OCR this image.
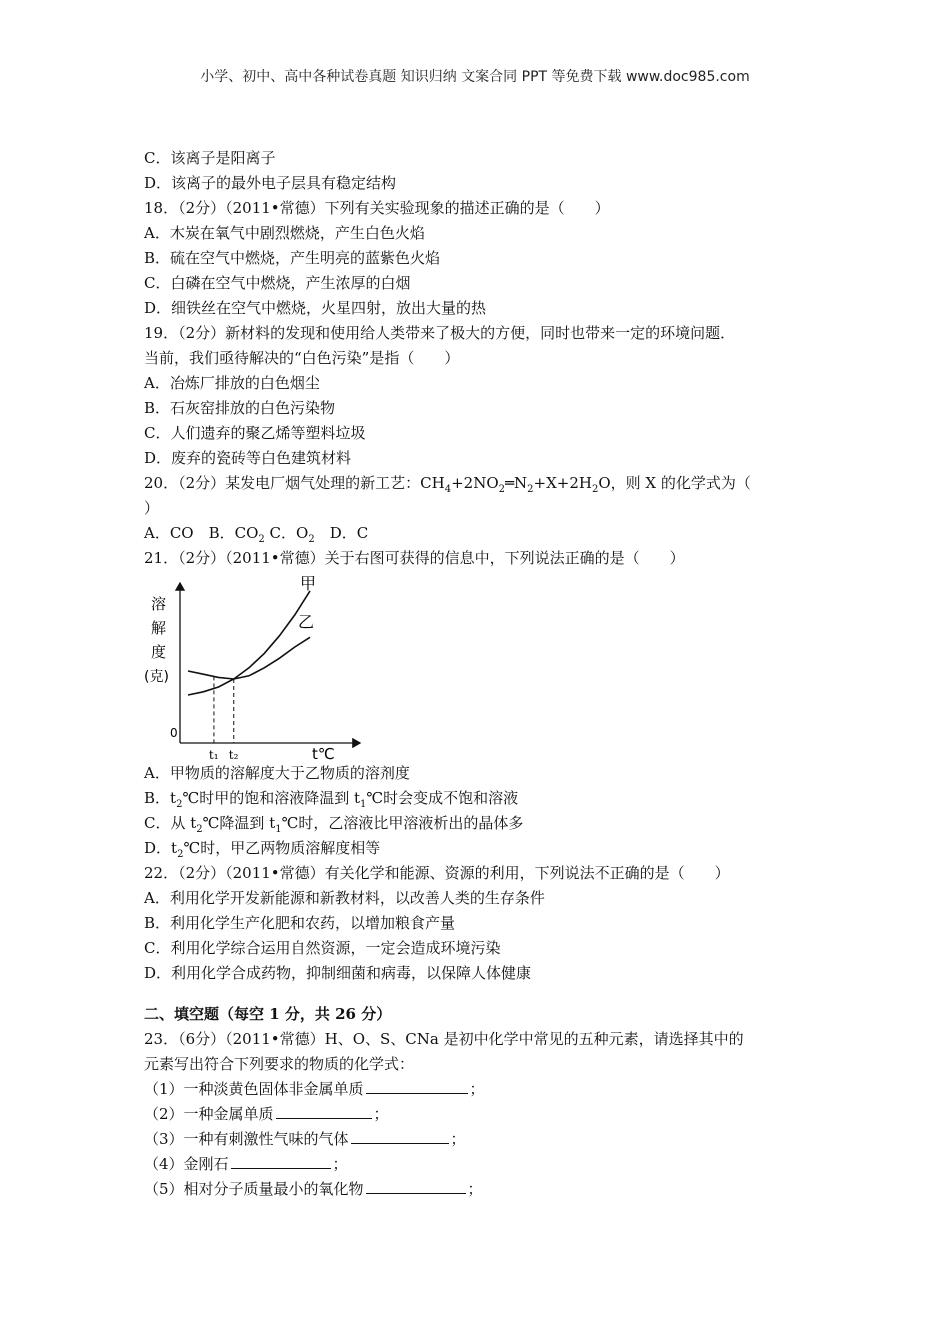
小学、初中、高中各种试卷真题 知识归纳 文案合同 PPT 等免费下载 www.doc985.com
C．该离子是阳离子
D．该离子的最外电子层具有稳定结构
18．（2分）（2011•常德）下列有关实验现象的描述正确的是（　　）
A．木炭在氧气中剧烈燃烧，产生白色火焰
B．硫在空气中燃烧，产生明亮的蓝紫色火焰
C．白磷在空气中燃烧，产生浓厚的白烟
D．细铁丝在空气中燃烧，火星四射，放出大量的热
19．（2分）新材料的发现和使用给人类带来了极大的方便，同时也带来一定的环境问题．
当前，我们亟待解决的“白色污染”是指（　　）
A．冶炼厂排放的白色烟尘
B．石灰窑排放的白色污染物
C．人们遗弃的聚乙烯等塑料垃圾
D．废弃的瓷砖等白色建筑材料
20．（2分）某发电厂烟气处理的新工艺：$CH_4+2NO_2═N_2+X+2H_2O$，则 X 的化学式为（
）
A．CO　B．$CO_2$ C．$O_2$　D．C
21．（2分）（2011•常德）关于右图可获得的信息中，下列说法正确的是（　　）
溶
解
度
(克)
0
t℃
t₁ t₂
甲
乙
A．甲物质的溶解度大于乙物质的溶剂度
B．$t_2℃$时甲的饱和溶液降温到 $t_1℃$时会变成不饱和溶液
C．从 $t_2℃$降温到 $t_1℃$时，乙溶液比甲溶液析出的晶体多
D．$t_2℃$时，甲乙两物质溶解度相等
22．（2分）（2011•常德）有关化学和能源、资源的利用，下列说法不正确的是（　　）
A．利用化学开发新能源和新教材料，以改善人类的生存条件
B．利用化学生产化肥和农药，以增加粮食产量
C．利用化学综合运用自然资源，一定会造成环境污染
D．利用化学合成药物，抑制细菌和病毒，以保障人体健康
二、填空题（每空 1 分，共 26 分）
23．（6分）（2011•常德）H、O、S、CNa 是初中化学中常见的五种元素，请选择其中的
元素写出符合下列要求的物质的化学式：
（1）一种淡黄色固体非金属单质	；
（2）一种金属单质	；
（3）一种有刺激性气味的气体	；
（4）金刚石	；
（5）相对分子质量最小的氧化物	；
